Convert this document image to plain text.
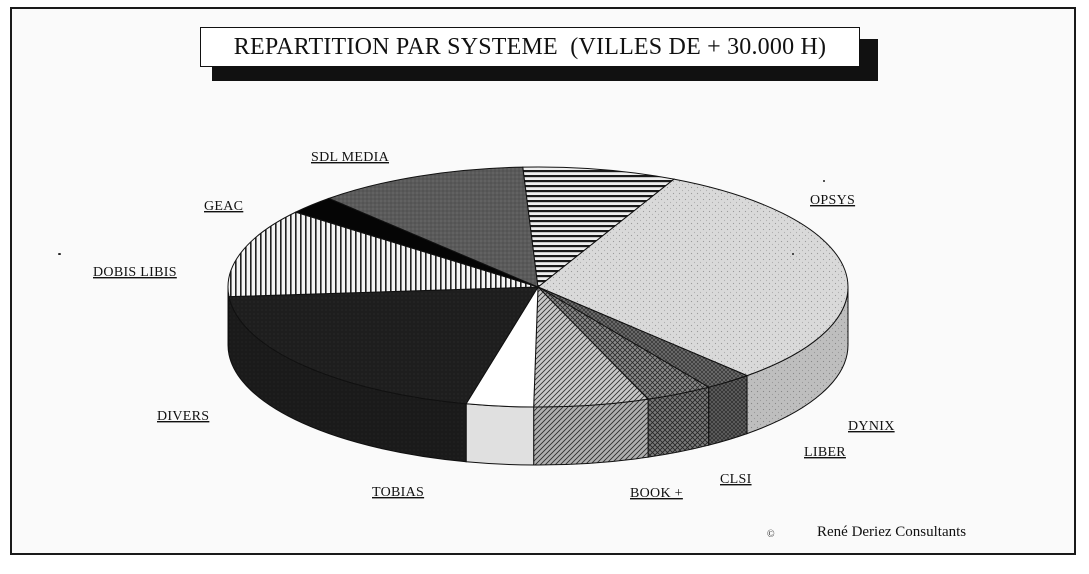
REPARTITION PAR SYSTEME  (VILLES DE + 30.000 H)
OPSYS
DYNIX
LIBER
CLSI
BOOK +
TOBIAS
DIVERS
DOBIS LIBIS
GEAC
SDL MEDIA
©	René Deriez Consultants
